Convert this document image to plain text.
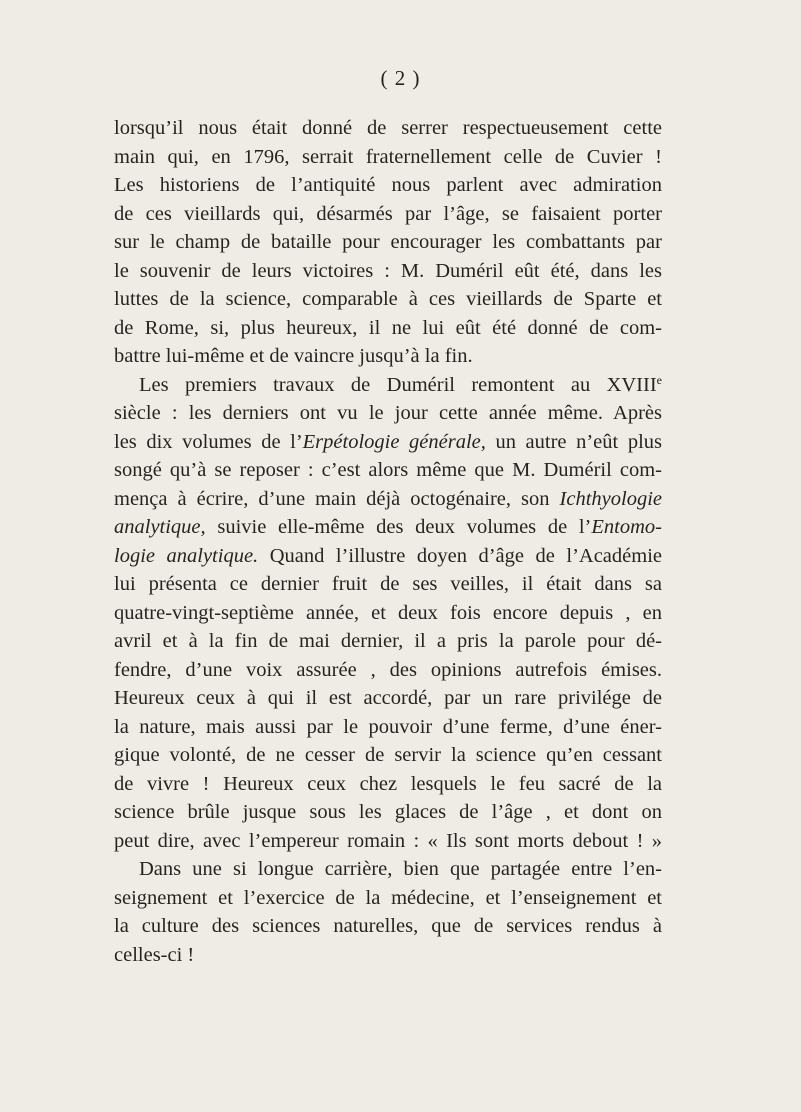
( 2 )
lorsqu’il nous était donné de serrer respectueusement cette
main qui, en 1796, serrait fraternellement celle de Cuvier !
Les historiens de l’antiquité nous parlent avec admiration
de ces vieillards qui, désarmés par l’âge, se faisaient porter
sur le champ de bataille pour encourager les combattants par
le souvenir de leurs victoires : M. Duméril eût été, dans les
luttes de la science, comparable à ces vieillards de Sparte et
de Rome, si, plus heureux, il ne lui eût été donné de com-
battre lui-même et de vaincre jusqu’à la fin.
Les premiers travaux de Duméril remontent au XVIIIe
siècle : les derniers ont vu le jour cette année même. Après
les dix volumes de l’Erpétologie générale, un autre n’eût plus
songé qu’à se reposer : c’est alors même que M. Duméril com-
mença à écrire, d’une main déjà octogénaire, son Ichthyologie
analytique, suivie elle-même des deux volumes de l’Entomo-
logie analytique. Quand l’illustre doyen d’âge de l’Académie
lui présenta ce dernier fruit de ses veilles, il était dans sa
quatre-vingt-septième année, et deux fois encore depuis , en
avril et à la fin de mai dernier, il a pris la parole pour dé-
fendre, d’une voix assurée , des opinions autrefois émises.
Heureux ceux à qui il est accordé, par un rare privilége de
la nature, mais aussi par le pouvoir d’une ferme, d’une éner-
gique volonté, de ne cesser de servir la science qu’en cessant
de vivre ! Heureux ceux chez lesquels le feu sacré de la
science brûle jusque sous les glaces de l’âge , et dont on
peut dire, avec l’empereur romain : « Ils sont morts debout ! »
Dans une si longue carrière, bien que partagée entre l’en-
seignement et l’exercice de la médecine, et l’enseignement et
la culture des sciences naturelles, que de services rendus à
celles-ci !
